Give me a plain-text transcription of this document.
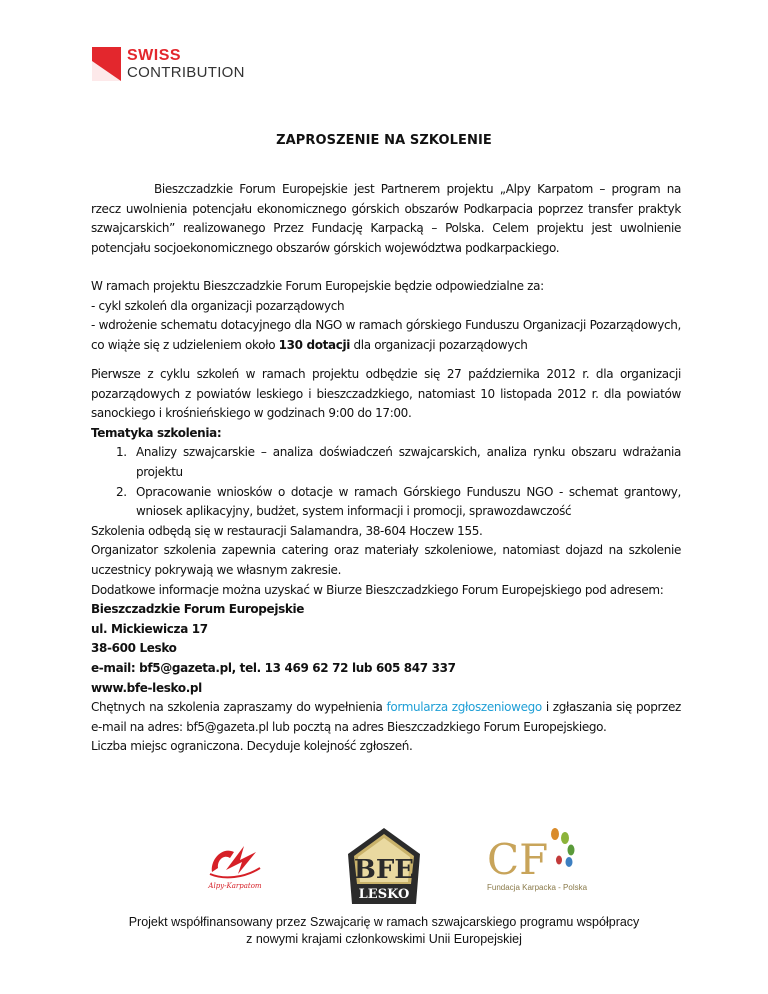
SWISS
CONTRIBUTION
ZAPROSZENIE NA SZKOLENIE

Bieszczadzkie Forum Europejskie jest Partnerem projektu „Alpy Karpatom – program na rzecz uwolnienia potencjału ekonomicznego górskich obszarów Podkarpacia poprzez transfer praktyk szwajcarskich” realizowanego Przez Fundację Karpacką – Polska. Celem projektu jest uwolnienie potencjału socjoekonomicznego obszarów górskich województwa podkarpackiego.

W ramach projektu Bieszczadzkie Forum Europejskie będzie odpowiedzialne za:
- cykl szkoleń dla organizacji pozarządowych
- wdrożenie schematu dotacyjnego dla NGO w ramach górskiego Funduszu Organizacji Pozarządowych, co wiąże się z udzieleniem około 130 dotacji dla organizacji pozarządowych
Pierwsze z cyklu szkoleń w ramach projektu odbędzie się 27 października 2012 r. dla organizacji pozarządowych z powiatów leskiego i bieszczadzkiego, natomiast 10 listopada 2012 r. dla powiatów sanockiego i krośnieńskiego w godzinach 9:00 do 17:00.
Tematyka szkolenia:
1. Analizy szwajcarskie – analiza doświadczeń szwajcarskich, analiza rynku obszaru wdrażania projektu
2. Opracowanie wniosków o dotacje w ramach Górskiego Funduszu NGO - schemat grantowy, wniosek aplikacyjny, budżet, system informacji i promocji, sprawozdawczość
Szkolenia odbędą się w restauracji Salamandra, 38-604 Hoczew 155.
Organizator szkolenia zapewnia catering oraz materiały szkoleniowe, natomiast dojazd na szkolenie uczestnicy pokrywają we własnym zakresie.
Dodatkowe informacje można uzyskać w Biurze Bieszczadzkiego Forum Europejskiego pod adresem:
Bieszczadzkie Forum Europejskie
ul. Mickiewicza 17
38-600 Lesko
e-mail: bf5@gazeta.pl, tel. 13 469 62 72 lub 605 847 337
www.bfe-lesko.pl
Chętnych na szkolenia zapraszamy do wypełnienia formularza zgłoszeniowego i zgłaszania się poprzez e-mail na adres: bf5@gazeta.pl lub pocztą na adres Bieszczadzkiego Forum Europejskiego.
Liczba miejsc ograniczona. Decyduje kolejność zgłoszeń.
Alpy-Karpatom
BFE
LESKO
CF
Fundacja Karpacka - Polska
Projekt współfinansowany przez Szwajcarię w ramach szwajcarskiego programu współpracy
z nowymi krajami członkowskimi Unii Europejskiej
